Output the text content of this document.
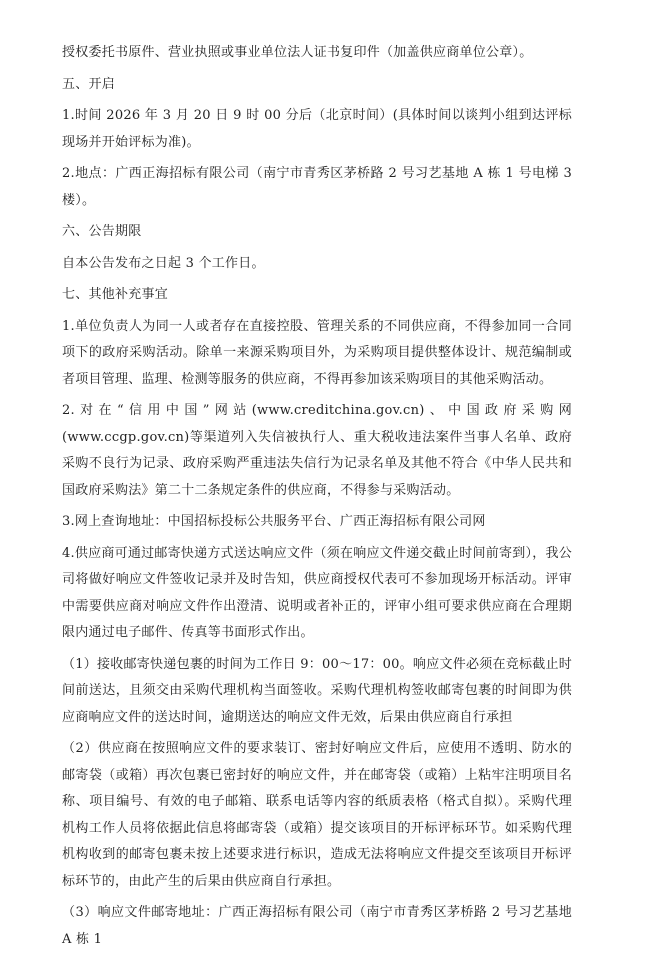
授权委托书原件、营业执照或事业单位法人证书复印件（加盖供应商单位公章）。

五、开启

1.时间 2026 年 3 月 20 日 9 时 00 分后（北京时间）(具体时间以谈判小组到达评标现场并开始评标为准)。

2.地点：广西正海招标有限公司（南宁市青秀区茅桥路 2 号习艺基地 A 栋 1 号电梯 3 楼）。

六、公告期限

自本公告发布之日起 3 个工作日。

七、其他补充事宜

1.单位负责人为同一人或者存在直接控股、管理关系的不同供应商，不得参加同一合同项下的政府采购活动。除单一来源采购项目外，为采购项目提供整体设计、规范编制或者项目管理、监理、检测等服务的供应商，不得再参加该采购项目的其他采购活动。

2.对在“信用中国”网站(www.creditchina.gov.cn)、中国政府采购网(www.ccgp.gov.cn)等渠道列入失信被执行人、重大税收违法案件当事人名单、政府采购不良行为记录、政府采购严重违法失信行为记录名单及其他不符合《中华人民共和国政府采购法》第二十二条规定条件的供应商，不得参与采购活动。

3.网上查询地址：中国招标投标公共服务平台、广西正海招标有限公司网

4.供应商可通过邮寄快递方式送达响应文件（须在响应文件递交截止时间前寄到），我公司将做好响应文件签收记录并及时告知，供应商授权代表可不参加现场开标活动。评审中需要供应商对响应文件作出澄清、说明或者补正的，评审小组可要求供应商在合理期限内通过电子邮件、传真等书面形式作出。

（1）接收邮寄快递包裹的时间为工作日 9：00～17：00。响应文件必须在竞标截止时间前送达，且须交由采购代理机构当面签收。采购代理机构签收邮寄包裹的时间即为供应商响应文件的送达时间，逾期送达的响应文件无效，后果由供应商自行承担

（2）供应商在按照响应文件的要求装订、密封好响应文件后，应使用不透明、防水的邮寄袋（或箱）再次包裹已密封好的响应文件，并在邮寄袋（或箱）上粘牢注明项目名称、项目编号、有效的电子邮箱、联系电话等内容的纸质表格（格式自拟）。采购代理机构工作人员将依据此信息将邮寄袋（或箱）提交该项目的开标评标环节。如采购代理机构收到的邮寄包裹未按上述要求进行标识，造成无法将响应文件提交至该项目开标评标环节的，由此产生的后果由供应商自行承担。

（3）响应文件邮寄地址：广西正海招标有限公司（南宁市青秀区茅桥路 2 号习艺基地 A 栋 1
